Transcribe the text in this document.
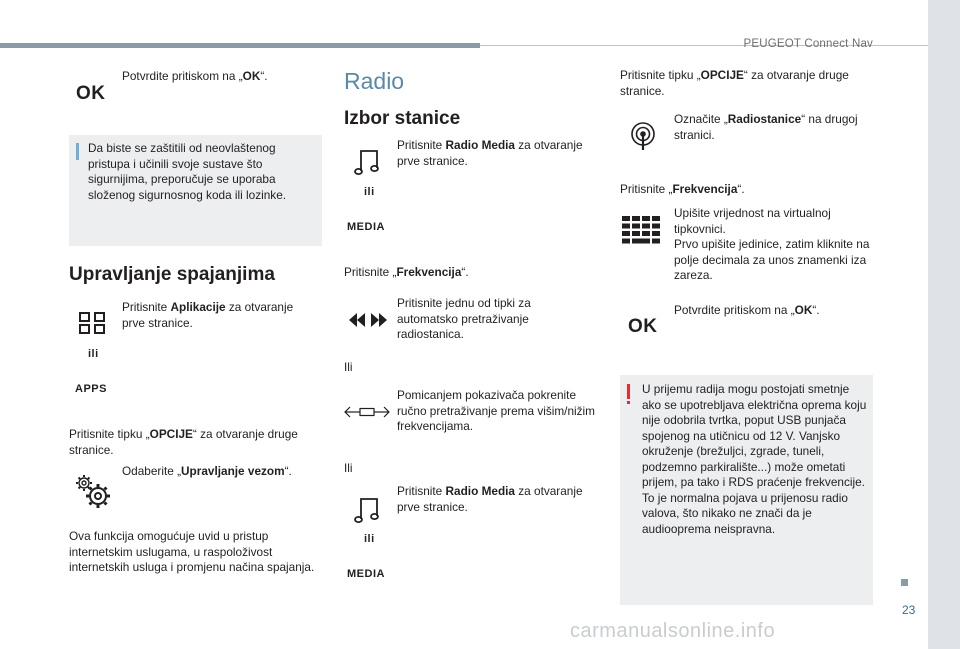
PEUGEOT Connect Nav
23
OK
Potvrdite pritiskom na „OK“.
Da biste se zaštitili od neovlaštenog pristupa i učinili svoje sustave što sigurnijima, preporučuje se uporaba složenog sigurnosnog koda ili lozinke.
Upravljanje spajanjima
Pritisnite Aplikacije za otvaranje prve stranice.
ili
APPS
Pritisnite tipku „OPCIJE“ za otvaranje druge stranice.
Odaberite „Upravljanje vezom“.
Ova funkcija omogućuje uvid u pristup internetskim uslugama, u raspoloživost internetskih usluga i promjenu načina spajanja.
Radio
Izbor stanice
Pritisnite Radio Media za otvaranje prve stranice.
ili
MEDIA
Pritisnite „Frekvencija“.
Pritisnite jednu od tipki za automatsko pretraživanje radiostanica.
Ili
Pomicanjem pokazivača pokrenite ručno pretraživanje prema višim/nižim frekvencijama.
Ili
Pritisnite Radio Media za otvaranje prve stranice.
ili
MEDIA
Pritisnite tipku „OPCIJE“ za otvaranje druge stranice.
Označite „Radiostanice“ na drugoj stranici.
Pritisnite „Frekvencija“.
Upišite vrijednost na virtualnoj tipkovnici.
Prvo upišite jedinice, zatim kliknite na polje decimala za unos znamenki iza zareza.
OK
Potvrdite pritiskom na „OK“.
U prijemu radija mogu postojati smetnje ako se upotrebljava električna oprema koju nije odobrila tvrtka, poput USB punjača spojenog na utičnicu od 12 V. Vanjsko okruženje (brežuljci, zgrade, tuneli, podzemno parkiralište...) može ometati prijem, pa tako i RDS praćenje frekvencije. To je normalna pojava u prijenosu radio valova, što nikako ne znači da je audiooprema neispravna.
carmanualsonline.info
